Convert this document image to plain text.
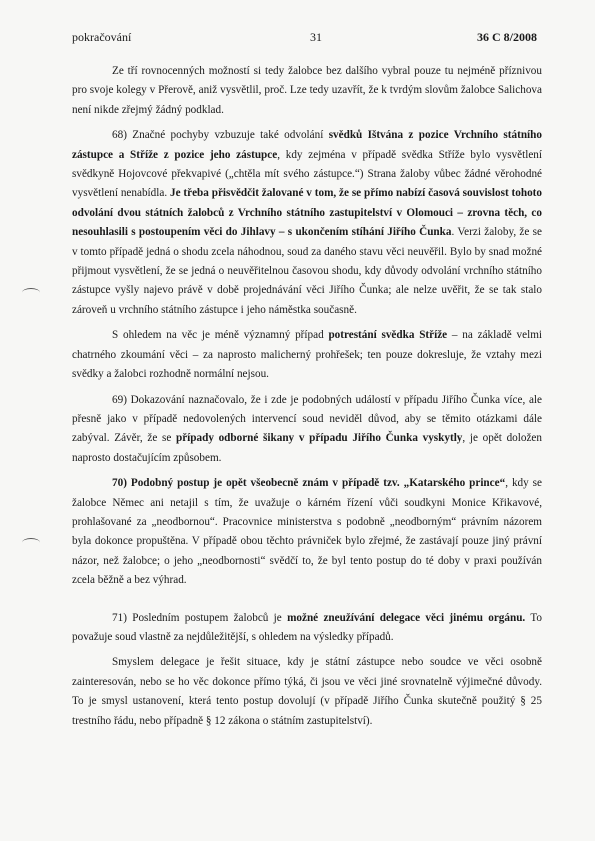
pokračování	31	36 C 8/2008

Ze tří rovnocenných možností si tedy žalobce bez dalšího vybral pouze tu nejméně příznivou pro svoje kolegy v Přerově, aniž vysvětlil, proč. Lze tedy uzavřít, že k tvrdým slovům žalobce Salichova není nikde zřejmý žádný podklad.

68) Značné pochyby vzbuzuje také odvolání svědků Ištvána z pozice Vrchního státního zástupce a Stříže z pozice jeho zástupce, kdy zejména v případě svědka Stříže bylo vysvětlení svědkyně Hojovcové překvapivé („chtěla mít svého zástupce.“) Strana žaloby vůbec žádné věrohodné vysvětlení nenabídla. Je třeba přisvědčit žalované v tom, že se přímo nabízí časová souvislost tohoto odvolání dvou státních žalobců z Vrchního státního zastupitelství v Olomouci – zrovna těch, co nesouhlasili s postoupením věci do Jihlavy – s ukončením stíhání Jiřího Čunka. Verzi žaloby, že se v tomto případě jedná o shodu zcela náhodnou, soud za daného stavu věci neuvěřil. Bylo by snad možné přijmout vysvětlení, že se jedná o neuvěřitelnou časovou shodu, kdy důvody odvolání vrchního státního zástupce vyšly najevo právě v době projednávání věci Jiřího Čunka; ale nelze uvěřit, že se tak stalo zároveň u vrchního státního zástupce i jeho náměstka současně.

S ohledem na věc je méně významný případ potrestání svědka Stříže – na základě velmi chatrného zkoumání věci – za naprosto malicherný prohřešek; ten pouze dokresluje, že vztahy mezi svědky a žalobci rozhodně normální nejsou.

69) Dokazování naznačovalo, že i zde je podobných událostí v případu Jiřího Čunka více, ale přesně jako v případě nedovolených intervencí soud neviděl důvod, aby se těmito otázkami dále zabýval. Závěr, že se případy odborné šikany v případu Jiřího Čunka vyskytly, je opět doložen naprosto dostačujícím způsobem.

70) Podobný postup je opět všeobecně znám v případě tzv. „Katarského prince“, kdy se žalobce Němec ani netajil s tím, že uvažuje o kárném řízení vůči soudkyni Monice Křikavové, prohlašované za „neodbornou“. Pracovnice ministerstva s podobně „neodborným“ právním názorem byla dokonce propuštěna. V případě obou těchto právniček bylo zřejmé, že zastávají pouze jiný právní názor, než žalobce; o jeho „neodbornosti“ svědčí to, že byl tento postup do té doby v praxi používán zcela běžně a bez výhrad.

71) Posledním postupem žalobců je možné zneužívání delegace věci jinému orgánu. To považuje soud vlastně za nejdůležitější, s ohledem na výsledky případů.

Smyslem delegace je řešit situace, kdy je státní zástupce nebo soudce ve věci osobně zainteresován, nebo se ho věc dokonce přímo týká, či jsou ve věci jiné srovnatelně výjimečné důvody. To je smysl ustanovení, která tento postup dovolují (v případě Jiřího Čunka skutečně použitý § 25 trestního řádu, nebo případně § 12 zákona o státním zastupitelství).
